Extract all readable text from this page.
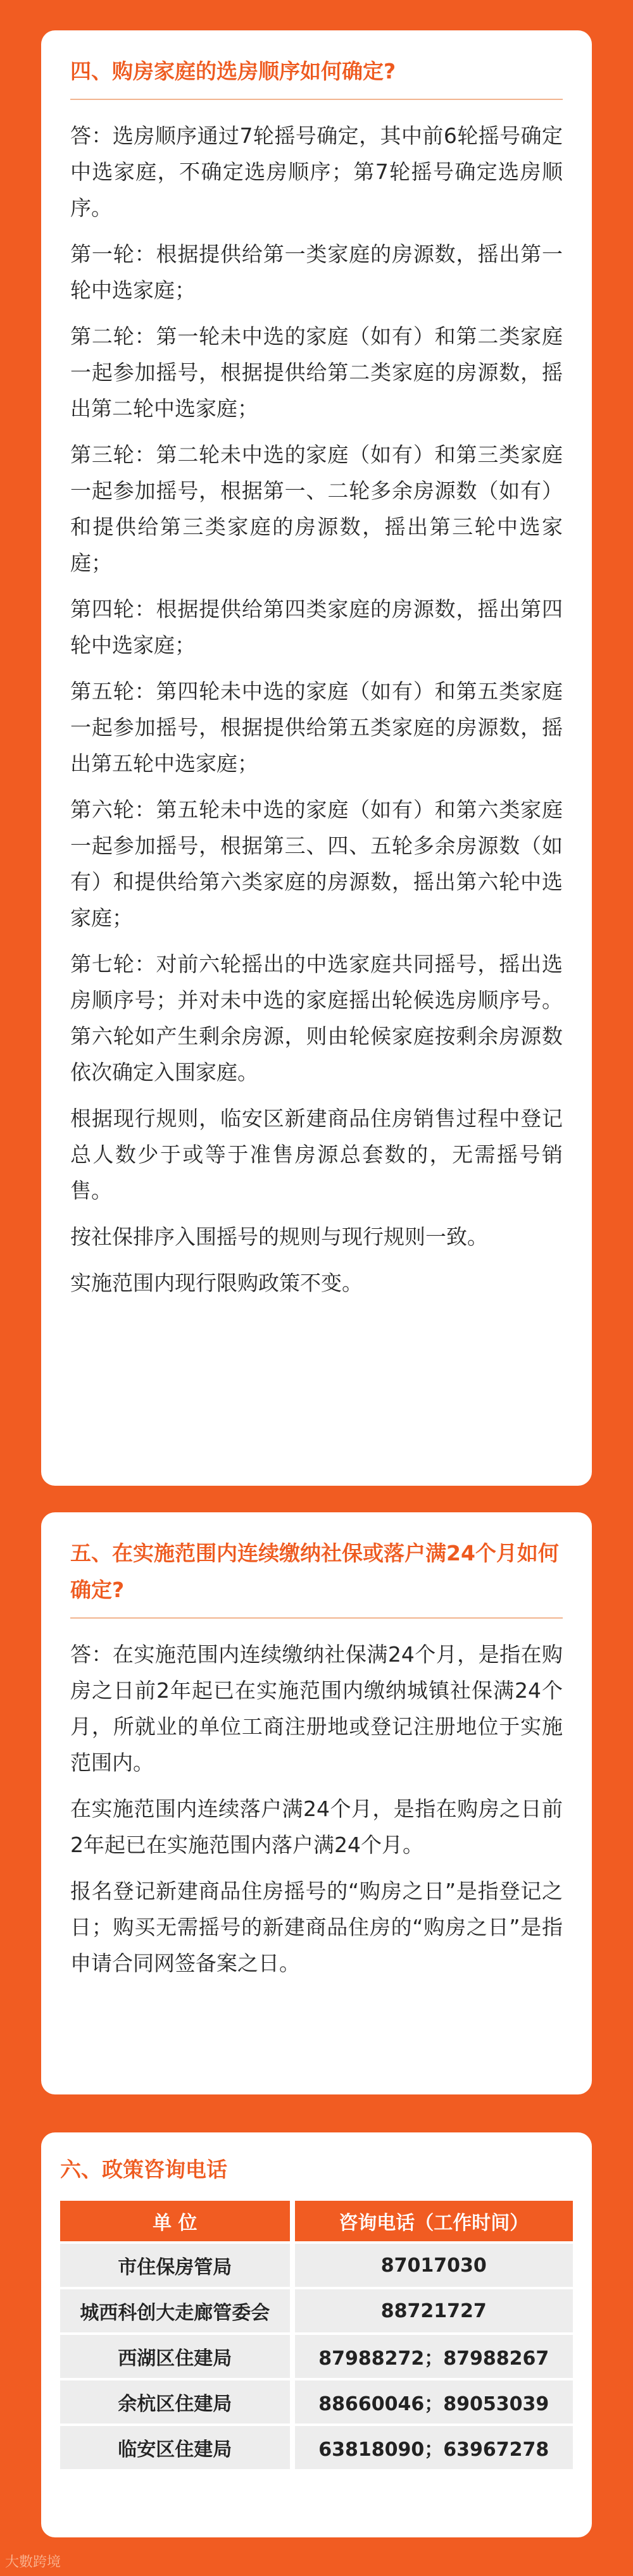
四、购房家庭的选房顺序如何确定?

答：选房顺序通过7轮摇号确定，其中前6轮摇号确定中选家庭，不确定选房顺序；第7轮摇号确定选房顺序。

第一轮：根据提供给第一类家庭的房源数，摇出第一轮中选家庭；

第二轮：第一轮未中选的家庭（如有）和第二类家庭一起参加摇号，根据提供给第二类家庭的房源数，摇出第二轮中选家庭；

第三轮：第二轮未中选的家庭（如有）和第三类家庭一起参加摇号，根据第一、二轮多余房源数（如有）和提供给第三类家庭的房源数，摇出第三轮中选家庭；

第四轮：根据提供给第四类家庭的房源数，摇出第四轮中选家庭；

第五轮：第四轮未中选的家庭（如有）和第五类家庭一起参加摇号，根据提供给第五类家庭的房源数，摇出第五轮中选家庭；

第六轮：第五轮未中选的家庭（如有）和第六类家庭一起参加摇号，根据第三、四、五轮多余房源数（如有）和提供给第六类家庭的房源数，摇出第六轮中选家庭；

第七轮：对前六轮摇出的中选家庭共同摇号，摇出选房顺序号；并对未中选的家庭摇出轮候选房顺序号。第六轮如产生剩余房源，则由轮候家庭按剩余房源数依次确定入围家庭。

根据现行规则，临安区新建商品住房销售过程中登记总人数少于或等于准售房源总套数的，无需摇号销售。

按社保排序入围摇号的规则与现行规则一致。

实施范围内现行限购政策不变。

五、在实施范围内连续缴纳社保或落户满24个月如何确定?

答：在实施范围内连续缴纳社保满24个月，是指在购房之日前2年起已在实施范围内缴纳城镇社保满24个月，所就业的单位工商注册地或登记注册地位于实施范围内。

在实施范围内连续落户满24个月，是指在购房之日前2年起已在实施范围内落户满24个月。

报名登记新建商品住房摇号的“购房之日”是指登记之日；购买无需摇号的新建商品住房的“购房之日”是指申请合同网签备案之日。

六、政策咨询电话
单 位		咨询电话（工作时间）
市住保房管局		87017030
城西科创大走廊管委会		88721727
西湖区住建局		87988272；87988267
余杭区住建局		88660046；89053039
临安区住建局		63818090；63967278
大數跨境
